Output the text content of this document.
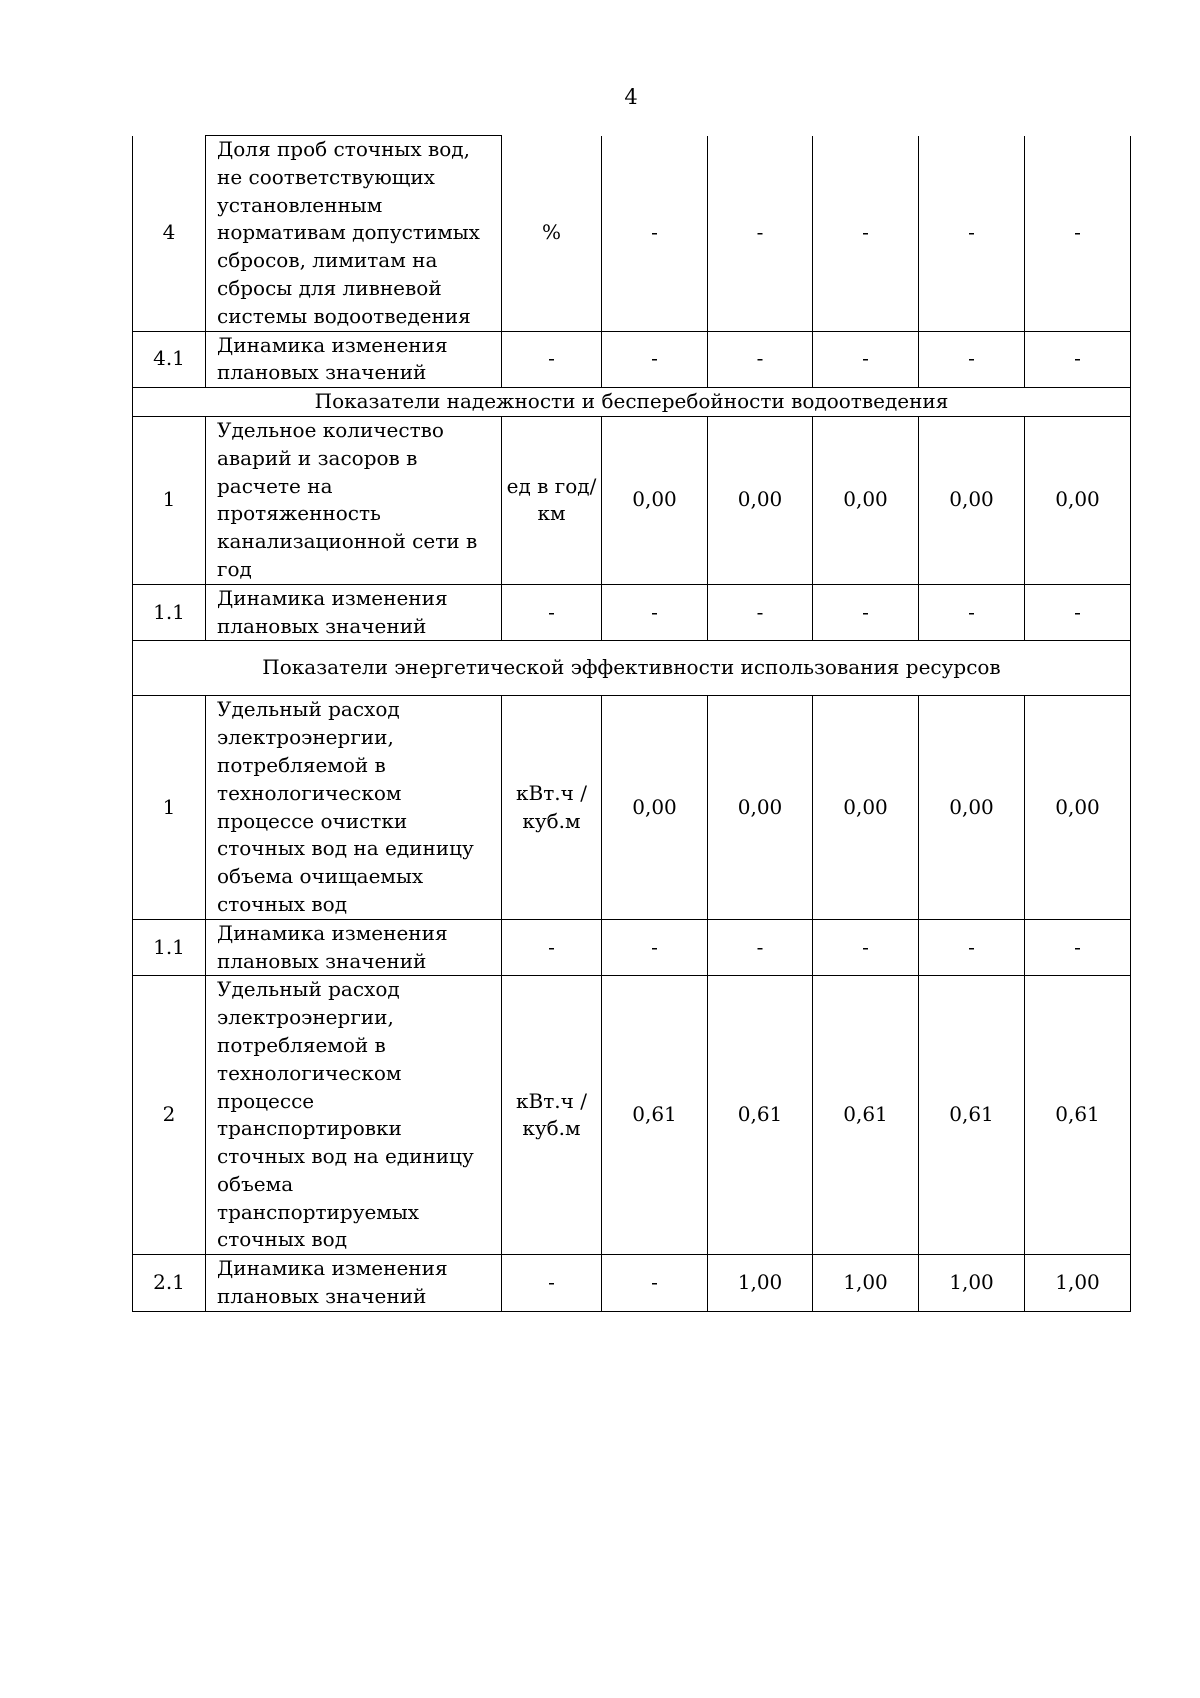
4
4	Доля проб сточных вод, не соответствующих установленным нормативам допустимых сбросов, лимитам на сбросы для ливневой системы водоотведения	%	-	-	-	-	-
4.1	Динамика изменения плановых значений	-	-	-	-	-	-
Показатели надежности и бесперебойности водоотведения							
1	Удельное количество аварий и засоров в расчете на протяженность канализационной сети в год	ед в год/ км	0,00	0,00	0,00	0,00	0,00
1.1	Динамика изменения плановых значений	-	-	-	-	-	-
Показатели энергетической эффективности использования ресурсов							
1	Удельный расход электроэнергии, потребляемой в технологическом процессе очистки сточных вод на единицу объема очищаемых сточных вод	кВт.ч / куб.м	0,00	0,00	0,00	0,00	0,00
1.1	Динамика изменения плановых значений	-	-	-	-	-	-
2	Удельный расход электроэнергии, потребляемой в технологическом процессе транспортировки сточных вод на единицу объема транспортируемых сточных вод	кВт.ч / куб.м	0,61	0,61	0,61	0,61	0,61
2.1	Динамика изменения плановых значений	-	-	1,00	1,00	1,00	1,00
